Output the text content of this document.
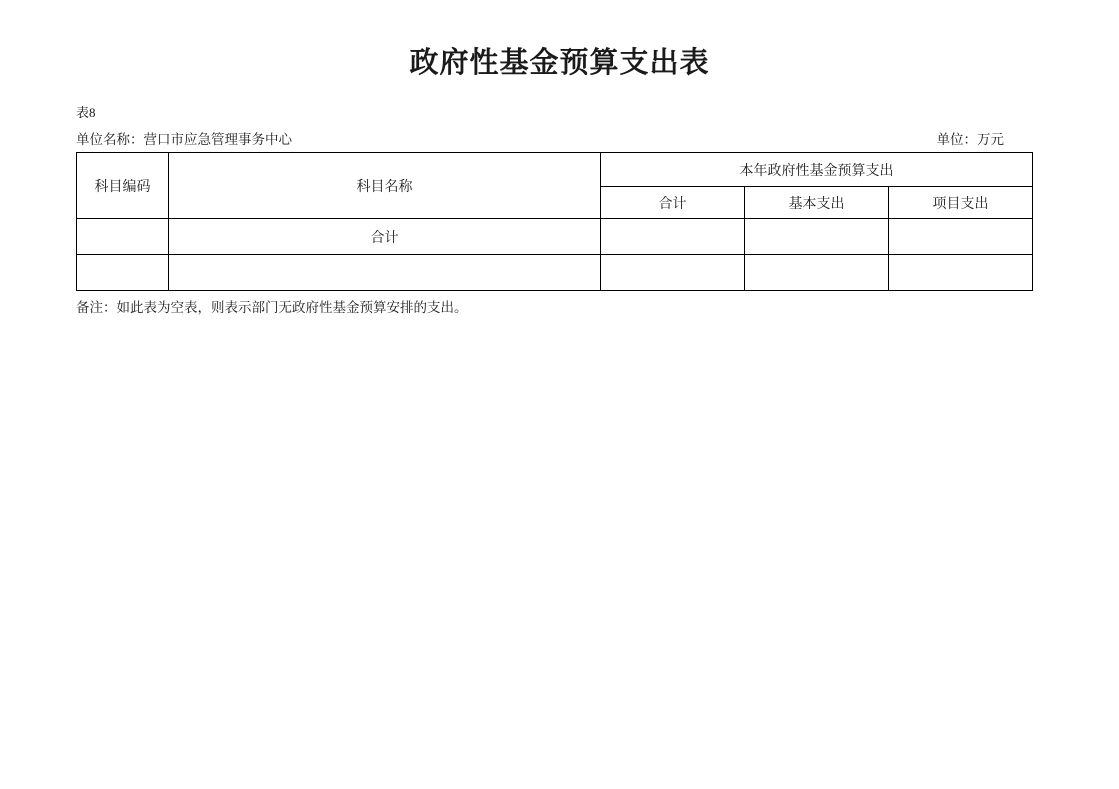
政府性基金预算支出表
表8
单位名称：营口市应急管理事务中心	单位：万元
科目编码	科目名称	本年政府性基金预算支出		
		合计	基本支出	项目支出
	合计			

备注：如此表为空表，则表示部门无政府性基金预算安排的支出。
